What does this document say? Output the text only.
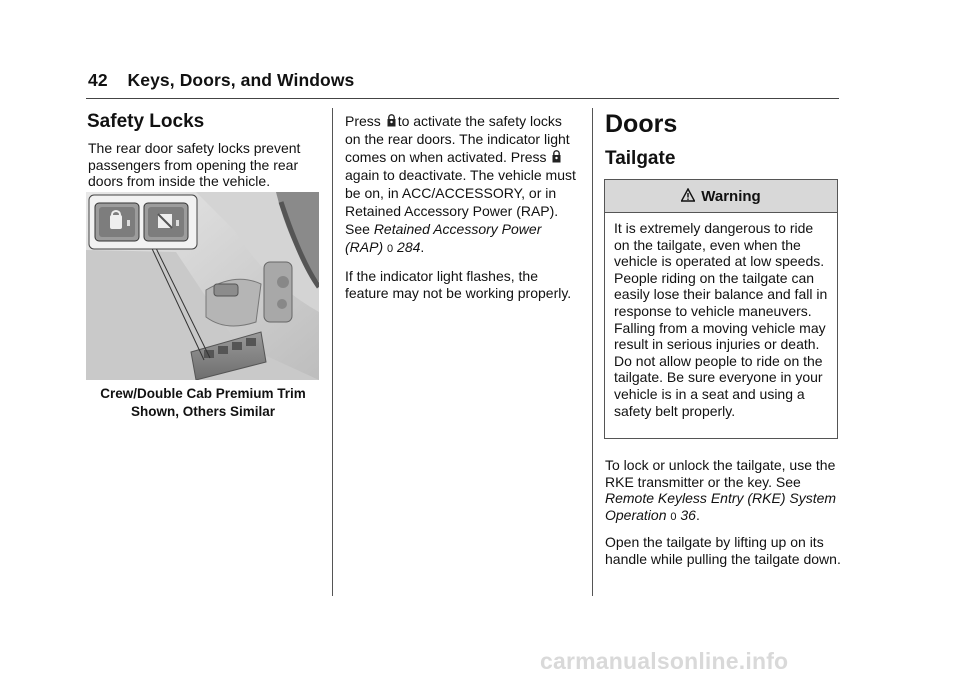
42 Keys, Doors, and Windows
Safety Locks

The rear door safety locks prevent passengers from opening the rear doors from inside the vehicle.

Crew/Double Cab Premium Trim
Shown, Others Similar

Press to activate the safety locks on the rear doors. The indicator light comes on when activated. Press  again to deactivate. The vehicle must be on, in ACC/ACCESSORY, or in Retained Accessory Power (RAP). See Retained Accessory Power (RAP) 0 284.

If the indicator light flashes, the feature may not be working properly.

Doors
Tailgate
Warning
It is extremely dangerous to ride on the tailgate, even when the vehicle is operated at low speeds. People riding on the tailgate can easily lose their balance and fall in response to vehicle maneuvers. Falling from a moving vehicle may result in serious injuries or death. Do not allow people to ride on the tailgate. Be sure everyone in your vehicle is in a seat and using a safety belt properly.

To lock or unlock the tailgate, use the RKE transmitter or the key. See Remote Keyless Entry (RKE) System Operation 0 36.

Open the tailgate by lifting up on its handle while pulling the tailgate down.

carmanualsonline.info
